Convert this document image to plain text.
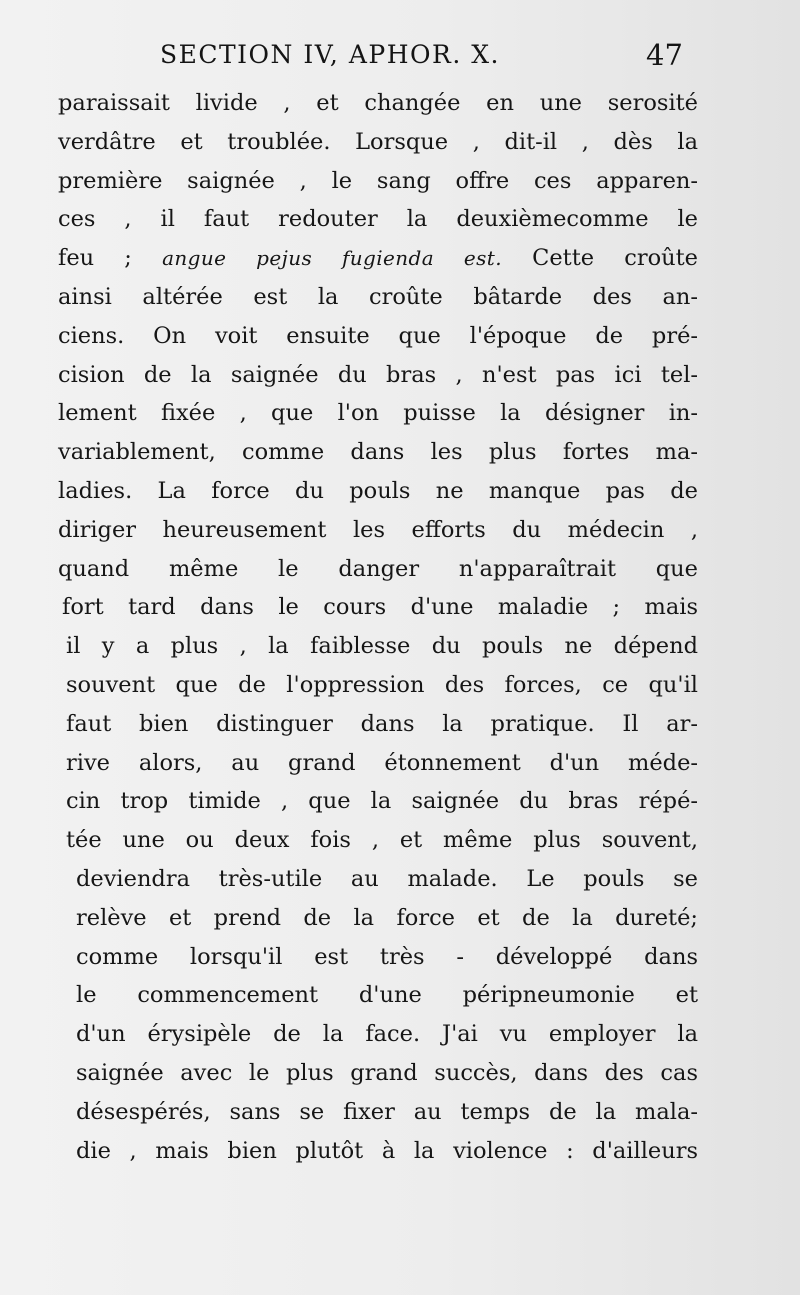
SECTION IV, APHOR. X.	47
paraissait livide , et changée en une serosité
verdâtre et troublée. Lorsque , dit-il , dès la
première saignée , le sang offre ces apparen-
ces , il faut redouter la deuxièmecomme le
feu ; angue pejus fugienda est. Cette croûte
ainsi altérée est la croûte bâtarde des an-
ciens. On voit ensuite que l'époque de pré-
cision de la saignée du bras , n'est pas ici tel-
lement fixée , que l'on puisse la désigner in-
variablement, comme dans les plus fortes ma-
ladies. La force du pouls ne manque pas de
diriger heureusement les efforts du médecin ,
quand même le danger n'apparaîtrait que
fort tard dans le cours d'une maladie ; mais
il y a plus , la faiblesse du pouls ne dépend
souvent que de l'oppression des forces, ce qu'il
faut bien distinguer dans la pratique. Il ar-
rive alors, au grand étonnement d'un méde-
cin trop timide , que la saignée du bras répé-
tée une ou deux fois , et même plus souvent,
deviendra très-utile au malade. Le pouls se
relève et prend de la force et de la dureté;
comme lorsqu'il est très - développé dans
le commencement d'une péripneumonie et
d'un érysipèle de la face. J'ai vu employer la
saignée avec le plus grand succès, dans des cas
désespérés, sans se fixer au temps de la mala-
die , mais bien plutôt à la violence : d'ailleurs
